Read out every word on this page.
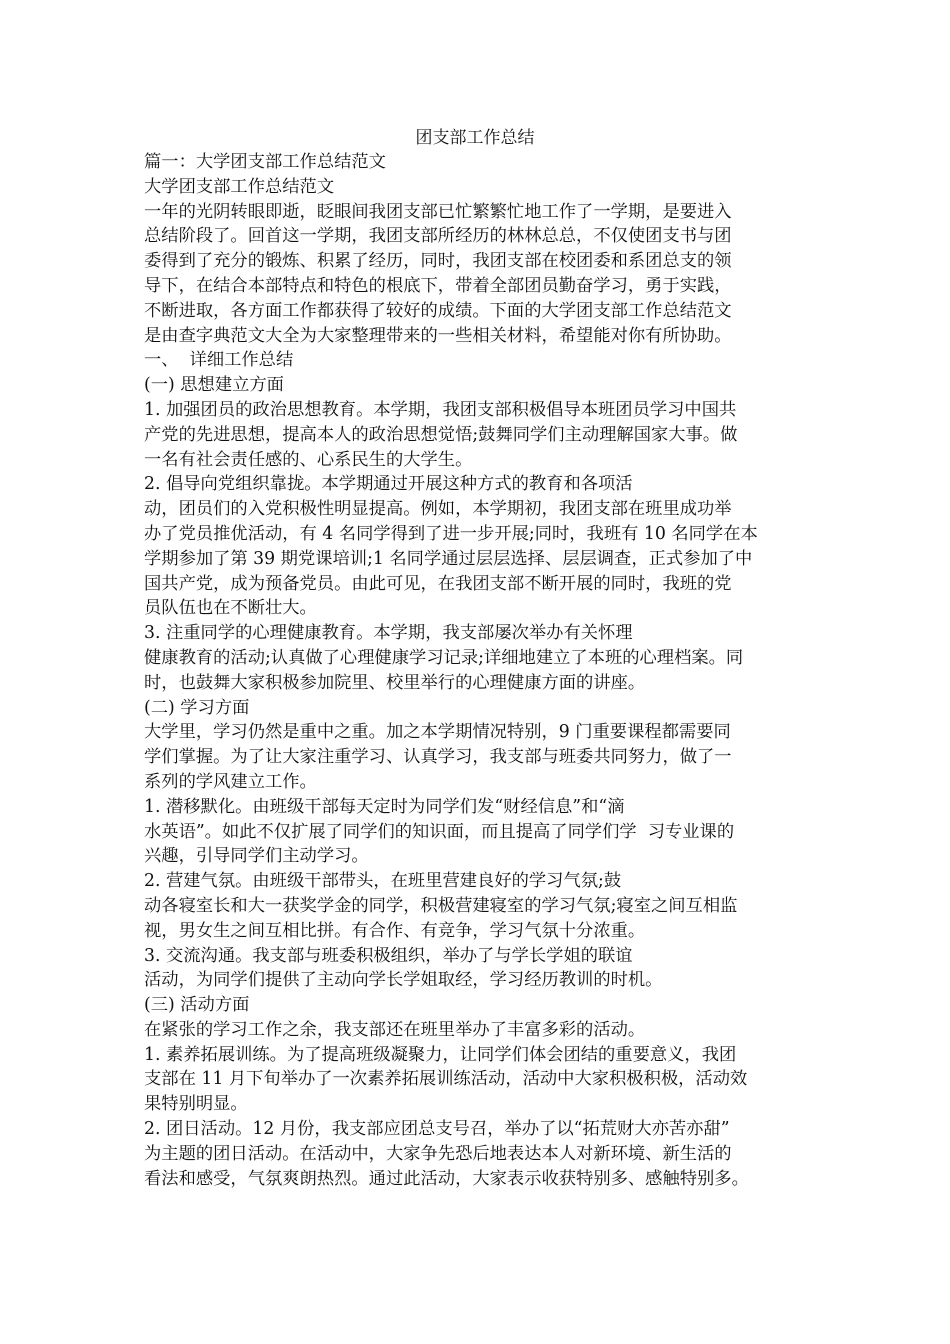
团支部工作总结
篇一：大学团支部工作总结范文
大学团支部工作总结范文
一年的光阴转眼即逝，眨眼间我团支部已忙繁繁忙地工作了一学期，是要进入
总结阶段了。回首这一学期，我团支部所经历的林林总总，不仅使团支书与团
委得到了充分的锻炼、积累了经历，同时，我团支部在校团委和系团总支的领
导下，在结合本部特点和特色的根底下，带着全部团员勤奋学习，勇于实践，
不断进取，各方面工作都获得了较好的成绩。下面的大学团支部工作总结范文
是由查字典范文大全为大家整理带来的一些相关材料，希望能对你有所协助。
一、  详细工作总结
(一) 思想建立方面
1. 加强团员的政治思想教育。本学期，我团支部积极倡导本班团员学习中国共
产党的先进思想，提高本人的政治思想觉悟;鼓舞同学们主动理解国家大事。做
一名有社会责任感的、心系民生的大学生。
2. 倡导向党组织靠拢。本学期通过开展这种方式的教育和各项活
动，团员们的入党积极性明显提高。例如，本学期初，我团支部在班里成功举
办了党员推优活动，有 4 名同学得到了进一步开展;同时，我班有 10 名同学在本
学期参加了第 39 期党课培训;1 名同学通过层层选择、层层调查，正式参加了中
国共产党，成为预备党员。由此可见，在我团支部不断开展的同时，我班的党
员队伍也在不断壮大。
3. 注重同学的心理健康教育。本学期，我支部屡次举办有关怀理
健康教育的活动;认真做了心理健康学习记录;详细地建立了本班的心理档案。同
时，也鼓舞大家积极参加院里、校里举行的心理健康方面的讲座。
(二) 学习方面
大学里，学习仍然是重中之重。加之本学期情况特别，9 门重要课程都需要同
学们掌握。为了让大家注重学习、认真学习，我支部与班委共同努力，做了一
系列的学风建立工作。
1. 潜移默化。由班级干部每天定时为同学们发“财经信息”和“滴
水英语”。如此不仅扩展了同学们的知识面，而且提高了同学们学  习专业课的
兴趣，引导同学们主动学习。
2. 营建气氛。由班级干部带头，在班里营建良好的学习气氛;鼓
动各寝室长和大一获奖学金的同学，积极营建寝室的学习气氛;寝室之间互相监
视，男女生之间互相比拼。有合作、有竞争，学习气氛十分浓重。
3. 交流沟通。我支部与班委积极组织，举办了与学长学姐的联谊
活动，为同学们提供了主动向学长学姐取经，学习经历教训的时机。
(三) 活动方面
在紧张的学习工作之余，我支部还在班里举办了丰富多彩的活动。
1. 素养拓展训练。为了提高班级凝聚力，让同学们体会团结的重要意义，我团
支部在 11 月下旬举办了一次素养拓展训练活动，活动中大家积极积极，活动效
果特别明显。
2. 团日活动。12 月份，我支部应团总支号召，举办了以“拓荒财大亦苦亦甜”
为主题的团日活动。在活动中，大家争先恐后地表达本人对新环境、新生活的
看法和感受，气氛爽朗热烈。通过此活动，大家表示收获特别多、感触特别多。
